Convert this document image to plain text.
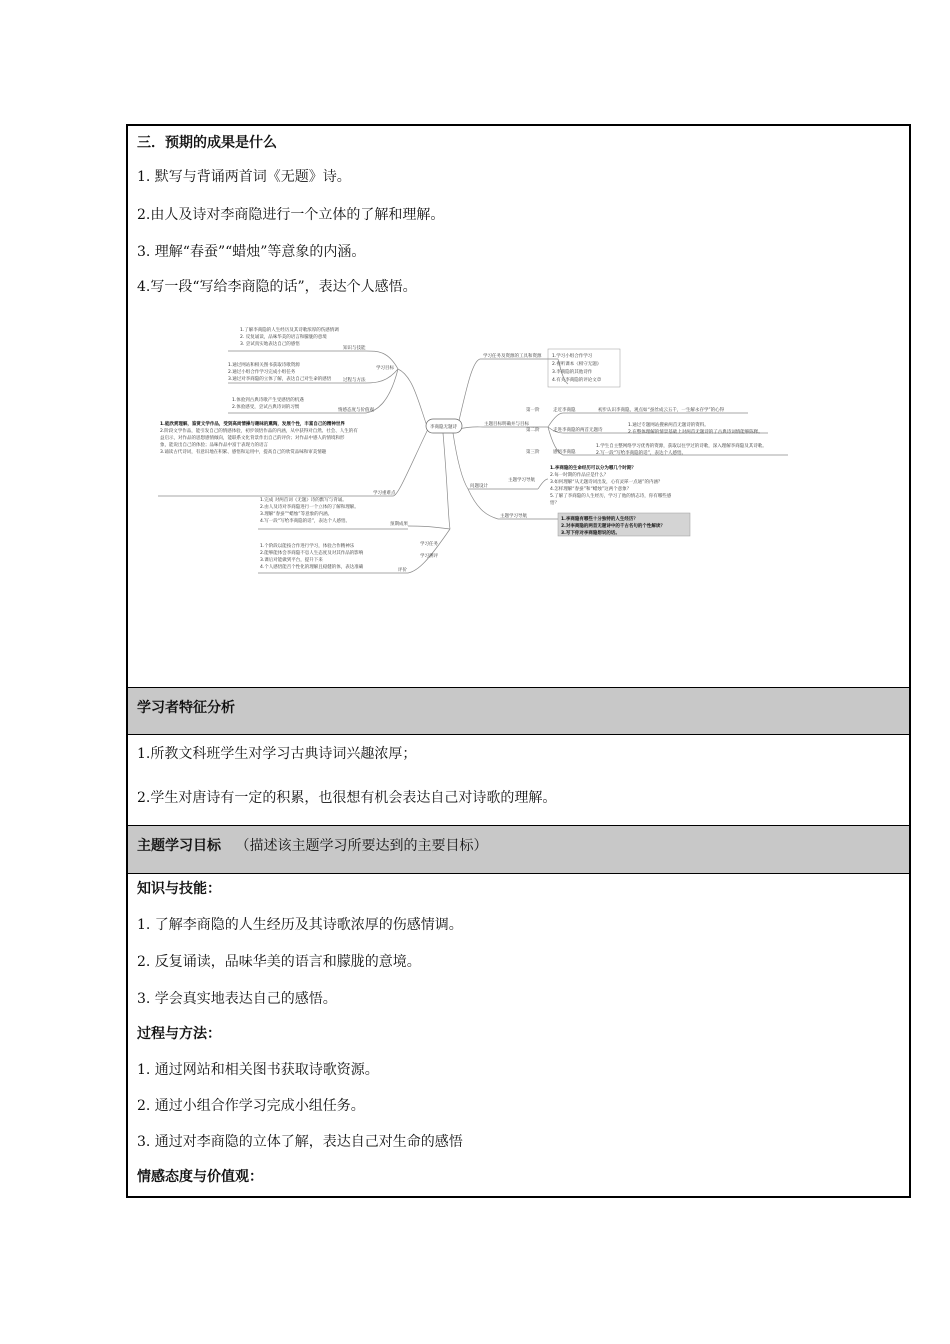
三．预期的成果是什么
1. 默写与背诵两首词《无题》诗。
2.由人及诗对李商隐进行一个立体的了解和理解。
3. 理解“春蚕”“蜡烛”等意象的内涵。
4.写一段“写给李商隐的话”，表达个人感悟。
李商隐无题诗
学习目标
知识与技能
过程与方法
情感态度与价值观
学习重难点
学习任务
预期成果
评价
学习测评
学习任务及资源的工具和资源
主题目标明确并与目标
问题设计
主题学习导航
主题学习导航
1.了解李商隐的人生经历及其诗歌浓厚的伤感情调
2. 反复诵读，品味华美的语言和朦胧的意境
3. 尝试真实地表达自己的感悟
1.通过网站和相关图书获取诗歌资源
2.通过小组合作学习完成小组任务
3.通过对李商隐的立体了解，表达自己对生命的感悟
1.体验到古典诗歌产生受感悟的机遇
2.体验感受，尝试古典诗词的习惯
1.能欣赏理解，鉴赏文学作品，受到高尚情操与趣味的熏陶，发展个性，丰富自己的精神世界
2.阶段文学作品，能引发自己的情感体验，初步领悟作品的内涵，从中获得对自然、社会、人生的有
益启示，对作品的思想感情倾向，能联系文化背景作出自己的评价；对作品中感人的情境和形
象，能说出自己的体验；品味作品中富于表现力的语言
3.诵读古代诗词，有意识地在积累、感悟和运用中，提高自己的欣赏品味和审美情趣
1.完成 对两首词《无题》诗的默写与背诵。
2.由人及诗对李商隐进行一个立体的了解和理解。
3.理解“春蚕”“蜡烛”等意象的内涵。
4.写一段“写给李商隐的话”，表达个人感悟。
1.个阶段以能按合作进行学习，体验合作精神乐
2.能够能体会李商隐不息人生态度及对其作品的影响
3.课后对能做到平台，提升下来
4.个人感悟能否个性化的理解且稳健的体，表达准确
1.学习小组合作学习
2.视听课本《相守无题》
3.李商隐的其他诗作
4.有关李商隐的评论文章
第一阶	走近李商隐	初步认识李商隐，观点如“蚕丝成云五千，一生解永存学”的心得
第二阶	走进李商隐的两首无题诗
1.通过专题网站搜索两首无题诗的资料。
2.在整体理解的情景基础上对两首无题诗的了古典诗词情能够陈释。
第三阶	感悟李商隐
1.学生自主整网络学习优秀的资源，获取以往学过的诗歌，深入理解李商隐及其诗歌。
2.写一段“写给李商隐的话”，表达个人感悟。
1.李商隐的生命经历可以分为哪几个时期？
2.每一时期的作品应是什么？
3.如何理解“从无题诗词出发，心有灵犀一点通”的内涵？
4.怎样理解“春蚕”和“蜡烛”这两个意象？
5.了解了李商隐的人生经历，学习了他的情志诗，你有哪些感
悟？
1.李商隐有哪些十分独特的人生经历？
2.对李商隐的两首无题诗中的千古名句的个性解读？
3.写下你对李商隐想说的话。
学习者特征分析
1.所教文科班学生对学习古典诗词兴趣浓厚；
2.学生对唐诗有一定的积累，也很想有机会表达自己对诗歌的理解。
主题学习目标 （描述该主题学习所要达到的主要目标）
知识与技能：
1. 了解李商隐的人生经历及其诗歌浓厚的伤感情调。
2. 反复诵读，品味华美的语言和朦胧的意境。
3. 学会真实地表达自己的感悟。
过程与方法：
1. 通过网站和相关图书获取诗歌资源。
2. 通过小组合作学习完成小组任务。
3. 通过对李商隐的立体了解，表达自己对生命的感悟
情感态度与价值观：
